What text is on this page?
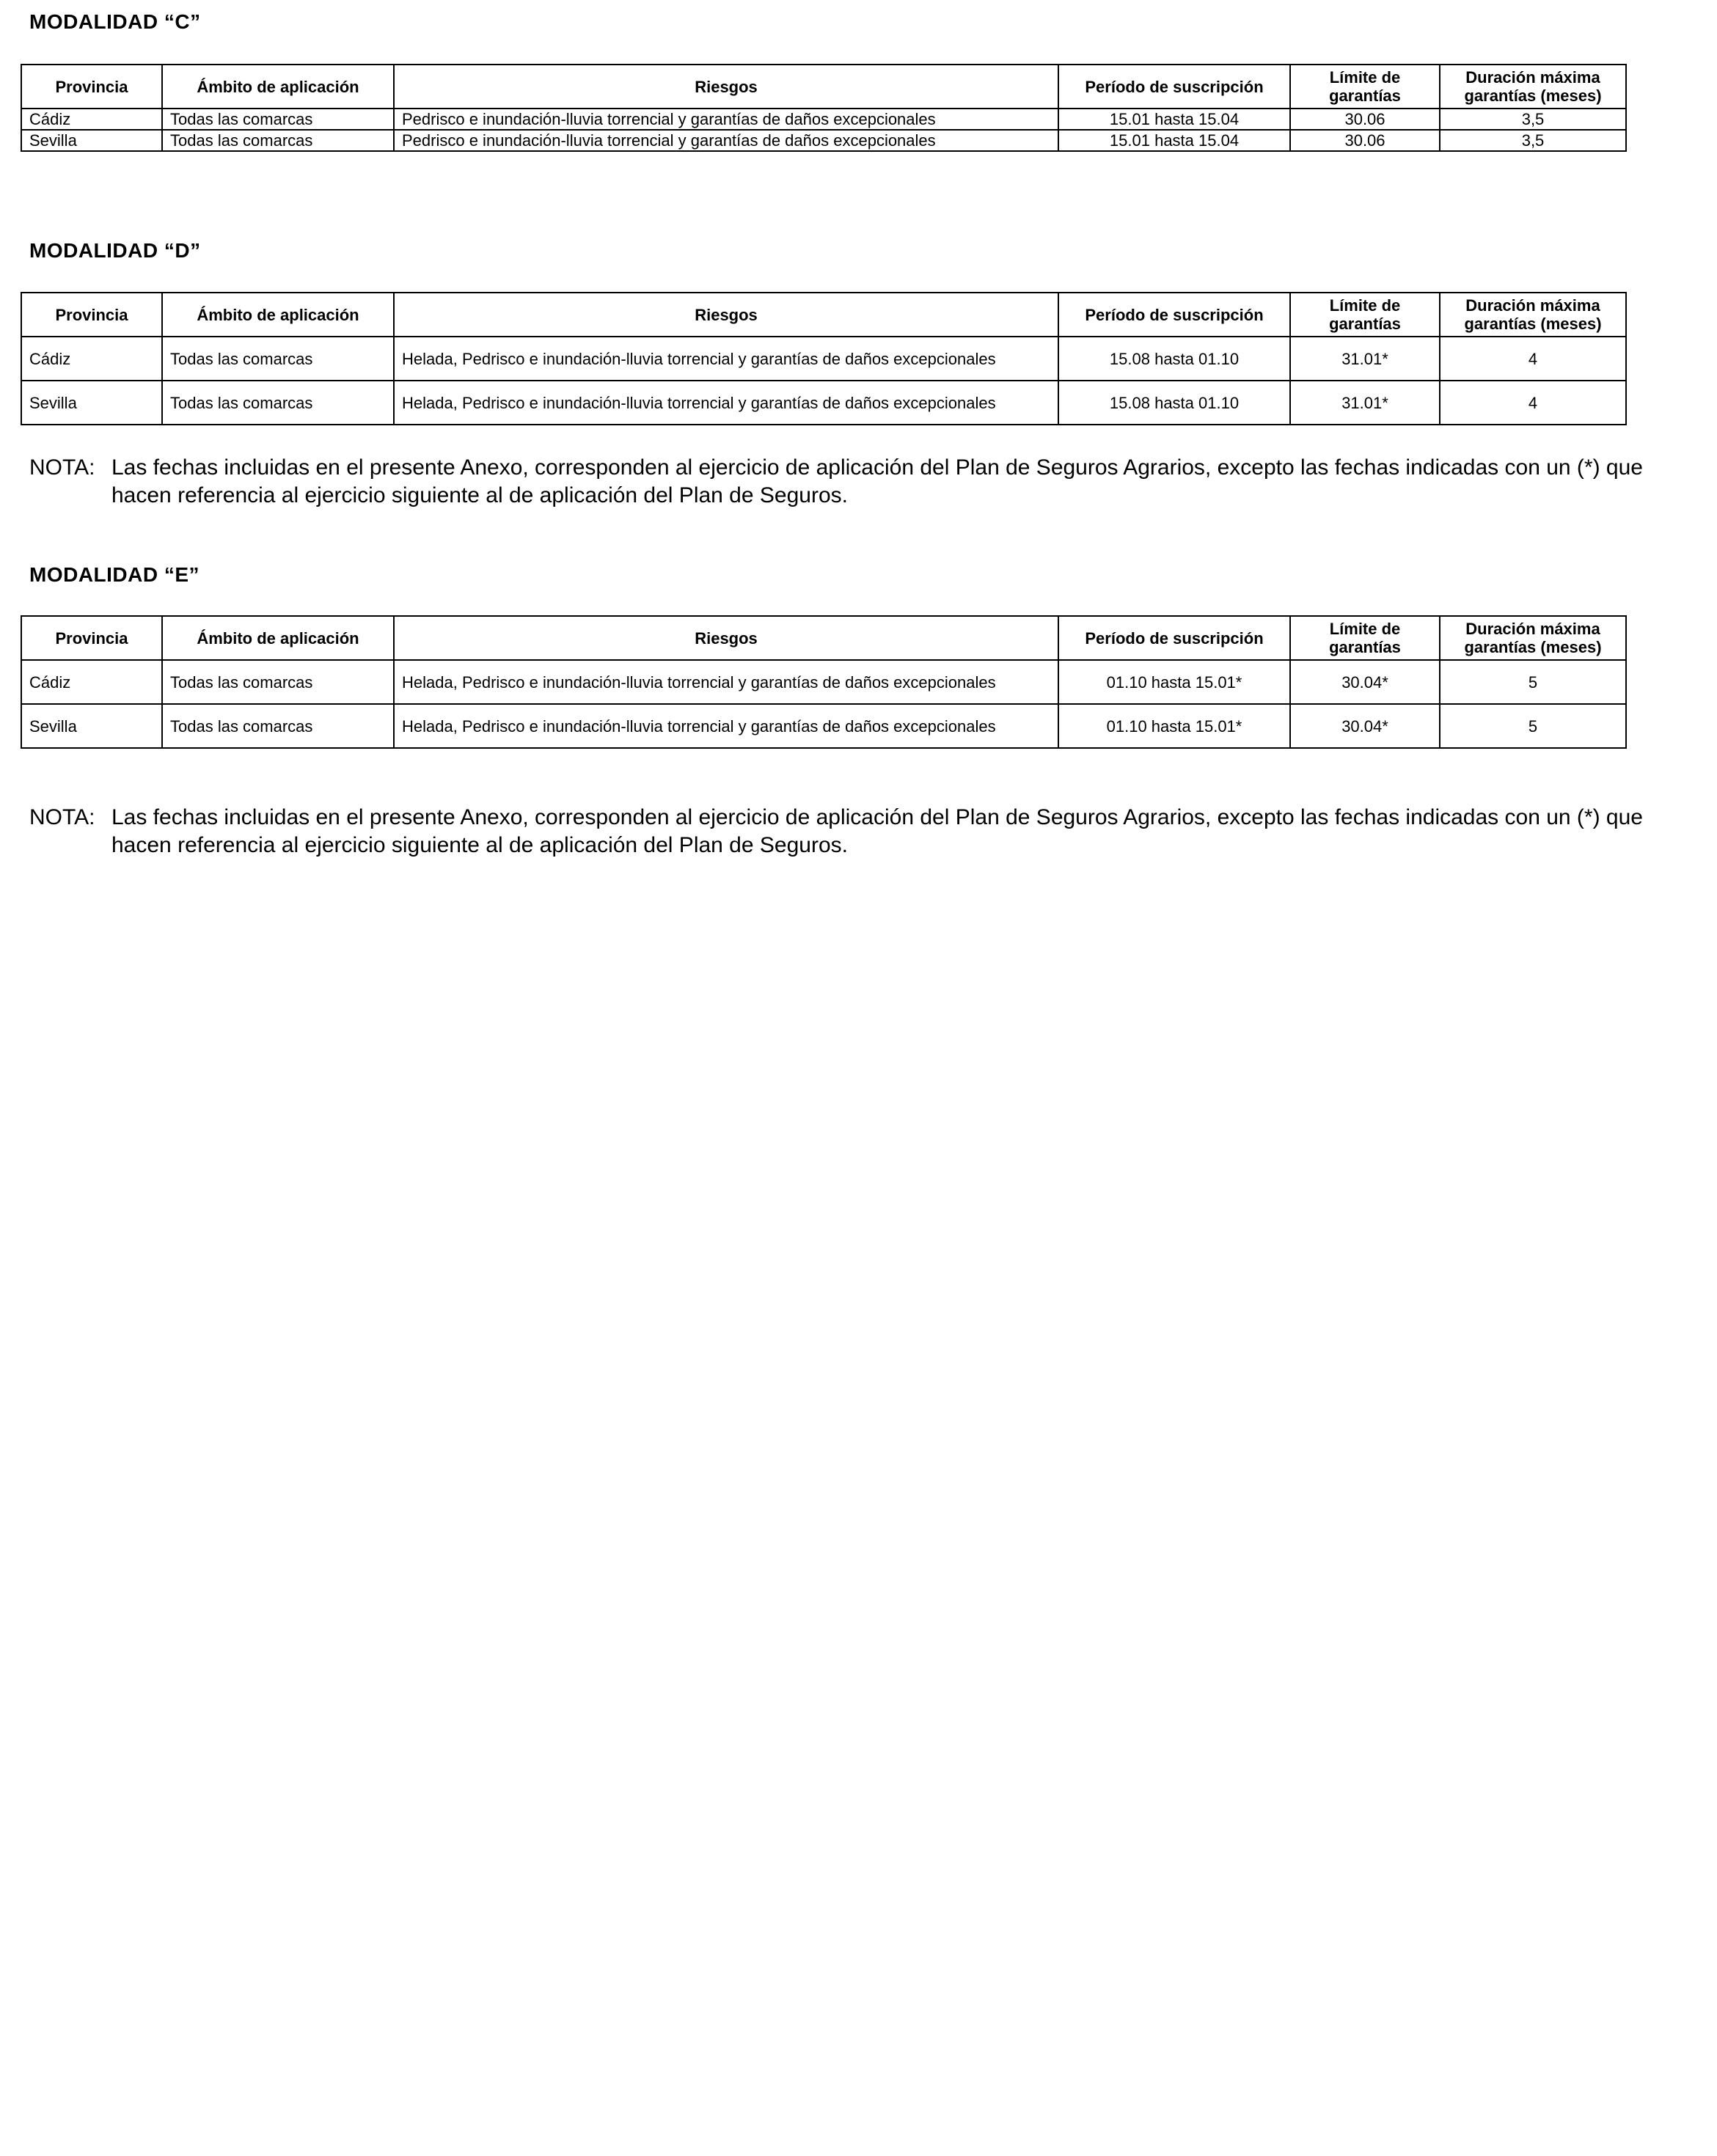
MODALIDAD “C”
Provincia	Ámbito de aplicación	Riesgos	Período de suscripción	Límite de garantías	Duración máxima garantías (meses)
Cádiz	Todas las comarcas	Pedrisco e inundación-lluvia torrencial y garantías de daños excepcionales	15.01 hasta 15.04	30.06	3,5
Sevilla	Todas las comarcas	Pedrisco e inundación-lluvia torrencial y garantías de daños excepcionales	15.01 hasta 15.04	30.06	3,5
MODALIDAD “D”
Provincia	Ámbito de aplicación	Riesgos	Período de suscripción	Límite de garantías	Duración máxima garantías (meses)
Cádiz	Todas las comarcas	Helada, Pedrisco e inundación-lluvia torrencial y garantías de daños excepcionales	15.08 hasta 01.10	31.01*	4
Sevilla	Todas las comarcas	Helada, Pedrisco e inundación-lluvia torrencial y garantías de daños excepcionales	15.08 hasta 01.10	31.01*	4
NOTA: Las fechas incluidas en el presente Anexo, corresponden al ejercicio de aplicación del Plan de Seguros Agrarios, excepto las fechas indicadas con un (*) que hacen referencia al ejercicio siguiente al de aplicación del Plan de Seguros.
MODALIDAD “E”
Provincia	Ámbito de aplicación	Riesgos	Período de suscripción	Límite de garantías	Duración máxima garantías (meses)
Cádiz	Todas las comarcas	Helada, Pedrisco e inundación-lluvia torrencial y garantías de daños excepcionales	01.10 hasta 15.01*	30.04*	5
Sevilla	Todas las comarcas	Helada, Pedrisco e inundación-lluvia torrencial y garantías de daños excepcionales	01.10 hasta 15.01*	30.04*	5
NOTA: Las fechas incluidas en el presente Anexo, corresponden al ejercicio de aplicación del Plan de Seguros Agrarios, excepto las fechas indicadas con un (*) que hacen referencia al ejercicio siguiente al de aplicación del Plan de Seguros.
